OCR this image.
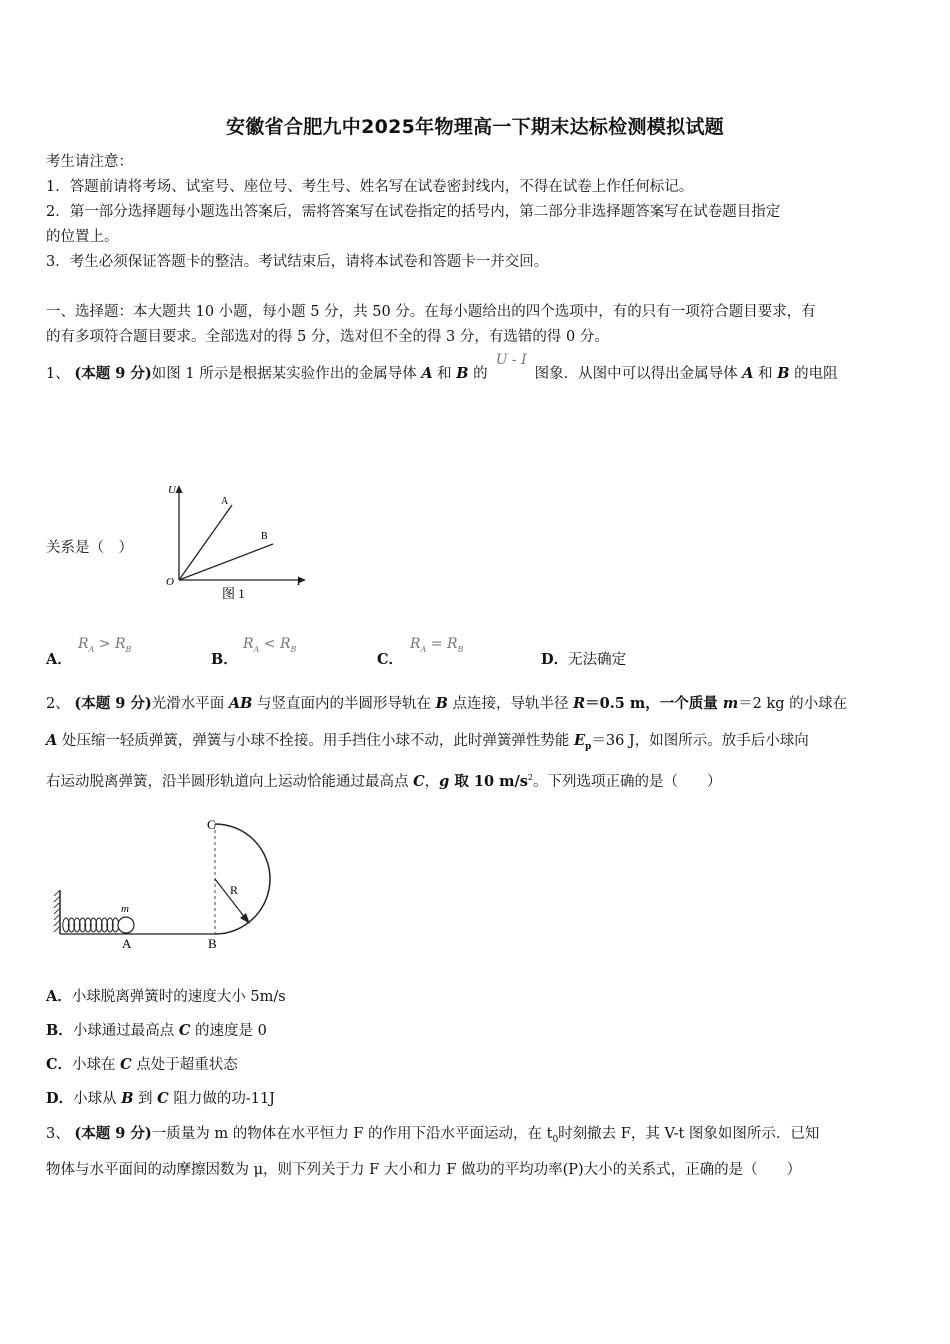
安徽省合肥九中2025年物理高一下期末达标检测模拟试题
考生请注意：
1．答题前请将考场、试室号、座位号、考生号、姓名写在试卷密封线内，不得在试卷上作任何标记。
2．第一部分选择题每小题选出答案后，需将答案写在试卷指定的括号内，第二部分非选择题答案写在试卷题目指定
的位置上。
3．考生必须保证答题卡的整洁。考试结束后，请将本试卷和答题卡一并交回。
一、选择题：本大题共 10 小题，每小题 5 分，共 50 分。在每小题给出的四个选项中，有的只有一项符合题目要求，有
的有多项符合题目要求。全部选对的得 5 分，选对但不全的得 3 分，有选错的得 0 分。
1、 (本题 9 分)如图 1 所示是根据某实验作出的金属导体 A 和 B 的U - I图象．从图中可以得出金属导体 A 和 B 的电阻
关系是（　）
U
I
O
A
B
图 1
A．
$R_A > R_B$
B．
$R_A < R_B$
C．
$R_A = R_B$
D．无法确定
2、 (本题 9 分)光滑水平面 AB 与竖直面内的半圆形导轨在 B 点连接，导轨半径 R＝0.5 m，一个质量 m＝2 kg 的小球在
A 处压缩一轻质弹簧，弹簧与小球不拴接。用手挡住小球不动，此时弹簧弹性势能 $E_p=36$ J，如图所示。放手后小球向
右运动脱离弹簧，沿半圆形轨道向上运动恰能通过最高点 C，g 取 10 $m/s^2$。下列选项正确的是（　　）
C
R
m
A	B
A．小球脱离弹簧时的速度大小 5m/s
B．小球通过最高点 C 的速度是 0
C．小球在 C 点处于超重状态
D．小球从 B 到 C 阻力做的功-11J
3、 (本题 9 分)一质量为 m 的物体在水平恒力 F 的作用下沿水平面运动，在 $t_0$时刻撤去 F，其 V-t 图象如图所示．已知
物体与水平面间的动摩擦因数为 μ，则下列关于力 F 大小和力 F 做功的平均功率(P)大小的关系式，正确的是（　　）
